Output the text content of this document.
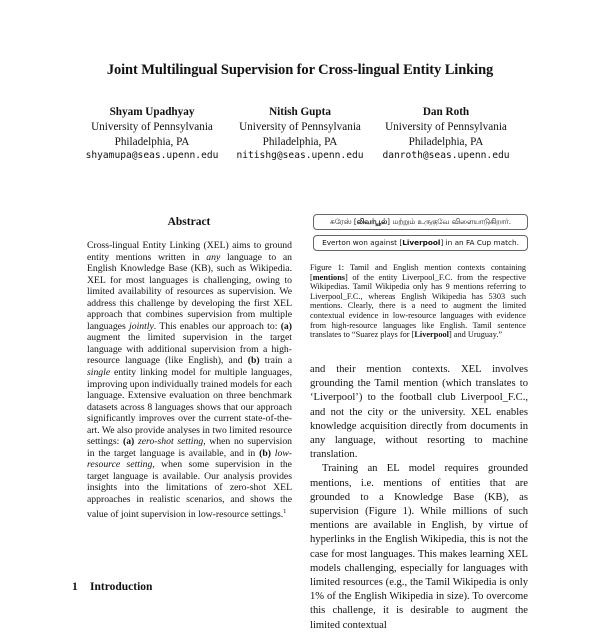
Joint Multilingual Supervision for Cross-lingual Entity Linking
Shyam Upadhyay
University of Pennsylvania
Philadelphia, PA
shyamupa@seas.upenn.edu
Nitish Gupta
University of Pennsylvania
Philadelphia, PA
nitishg@seas.upenn.edu
Dan Roth
University of Pennsylvania
Philadelphia, PA
danroth@seas.upenn.edu
Abstract

Cross-lingual Entity Linking (XEL) aims to ground entity mentions written in any language to an English Knowledge Base (KB), such as Wikipedia. XEL for most languages is challenging, owing to limited availability of resources as supervision. We address this challenge by developing the first XEL approach that combines supervision from multiple languages jointly. This enables our approach to: (a) augment the limited supervision in the target language with additional supervision from a high-resource language (like English), and (b) train a single entity linking model for multiple languages, improving upon individually trained models for each language. Extensive evaluation on three benchmark datasets across 8 languages shows that our approach significantly improves over the current state-of-the-art. We also provide analyses in two limited resource settings: (a) zero-shot setting, when no supervision in the target language is available, and in (b) low-resource setting, when some supervision in the target language is available. Our analysis provides insights into the limitations of zero-shot XEL approaches in realistic scenarios, and shows the value of joint supervision in low-resource settings.$^1$

1 Introduction
சுரேஸ் [லிவர்பூல்] மற்றும் உருகுவே விளையாடுகிறார்.
Everton won against [Liverpool] in an FA Cup match.
Figure 1: Tamil and English mention contexts containing [mentions] of the entity Liverpool_F.C. from the respective Wikipedias. Tamil Wikipedia only has 9 mentions referring to Liverpool_F.C., whereas English Wikipedia has 5303 such mentions. Clearly, there is a need to augment the limited contextual evidence in low-resource languages with evidence from high-resource languages like English. Tamil sentence translates to “Suarez plays for [Liverpool] and Uruguay.”

and their mention contexts. XEL involves grounding the Tamil mention (which translates to ‘Liverpool’) to the football club Liverpool_F.C., and not the city or the university. XEL enables knowledge acquisition directly from documents in any language, without resorting to machine translation.

Training an EL model requires grounded mentions, i.e. mentions of entities that are grounded to a Knowledge Base (KB), as supervision (Figure 1). While millions of such mentions are available in English, by virtue of hyperlinks in the English Wikipedia, this is not the case for most languages. This makes learning XEL models challenging, especially for languages with limited resources (e.g., the Tamil Wikipedia is only 1% of the English Wikipedia in size). To overcome this challenge, it is desirable to augment the limited contextual
